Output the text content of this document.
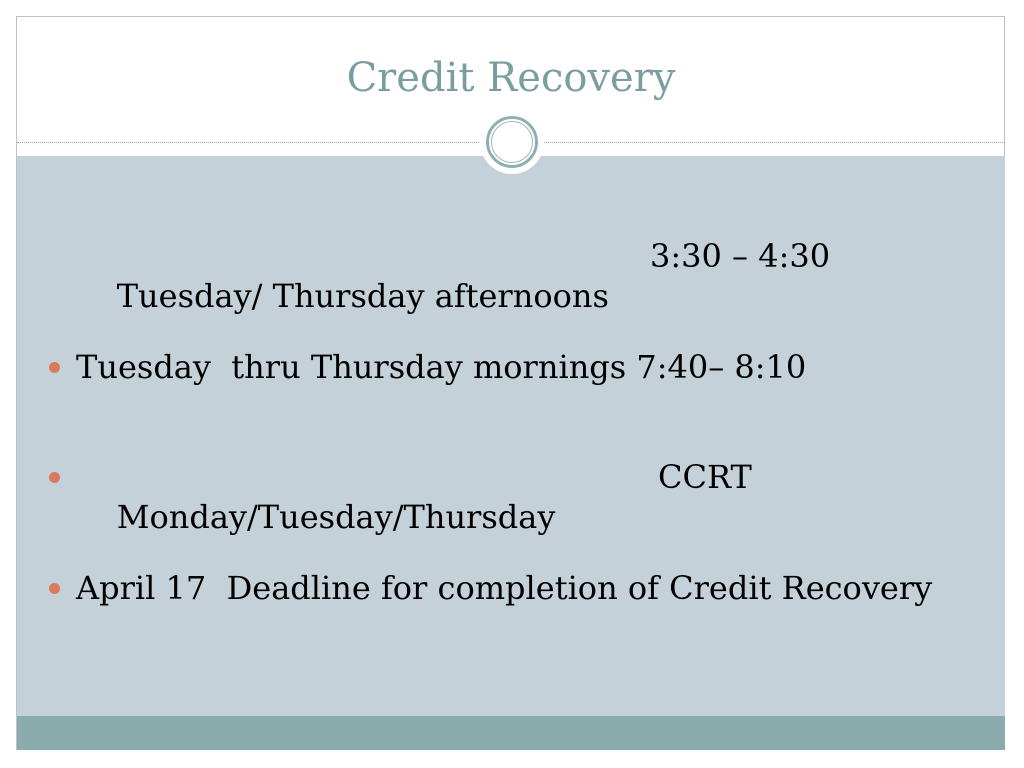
Credit Recovery

Tuesday/ Thursday afternoons

3:30 – 4:30

Tuesday  thru Thursday mornings 7:40– 8:10

Monday/Tuesday/Thursday

CCRT

April 17  Deadline for completion of Credit Recovery
